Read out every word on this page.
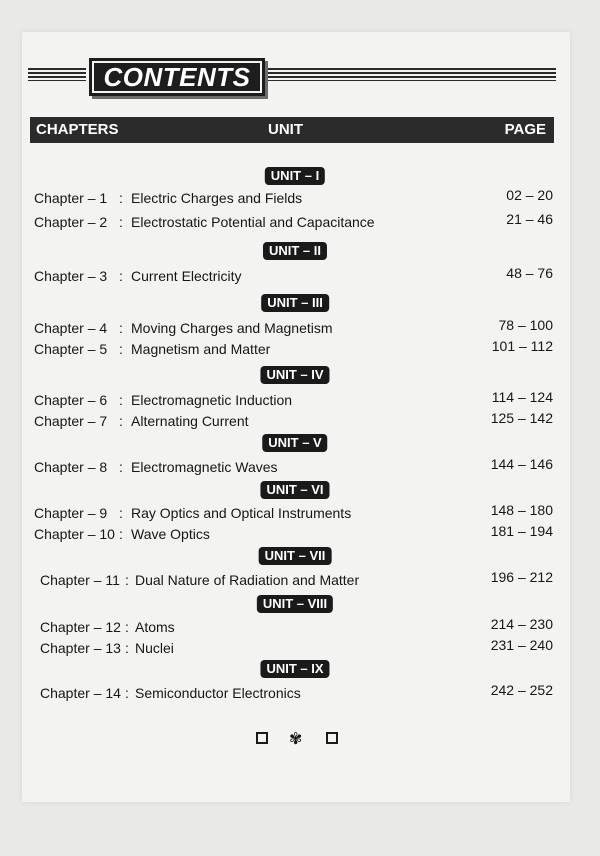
CONTENTS
CHAPTERS	UNIT	PAGE
UNIT – I
Chapter – 1 : Electric Charges and Fields	02 – 20
Chapter – 2 : Electrostatic Potential and Capacitance	21 – 46
UNIT – II
Chapter – 3 : Current Electricity	48 – 76
UNIT – III
Chapter – 4 : Moving Charges and Magnetism	78 – 100
Chapter – 5 : Magnetism and Matter	101 – 112
UNIT – IV
Chapter – 6 : Electromagnetic Induction	114 – 124
Chapter – 7 : Alternating Current	125 – 142
UNIT – V
Chapter – 8 : Electromagnetic Waves	144 – 146
UNIT – VI
Chapter – 9 : Ray Optics and Optical Instruments	148 – 180
Chapter – 10 : Wave Optics	181 – 194
UNIT – VII
Chapter – 11 : Dual Nature of Radiation and Matter	196 – 212
UNIT – VIII
Chapter – 12 : Atoms	214 – 230
Chapter – 13 : Nuclei	231 – 240
UNIT – IX
Chapter – 14 : Semiconductor Electronics	242 – 252
✾
